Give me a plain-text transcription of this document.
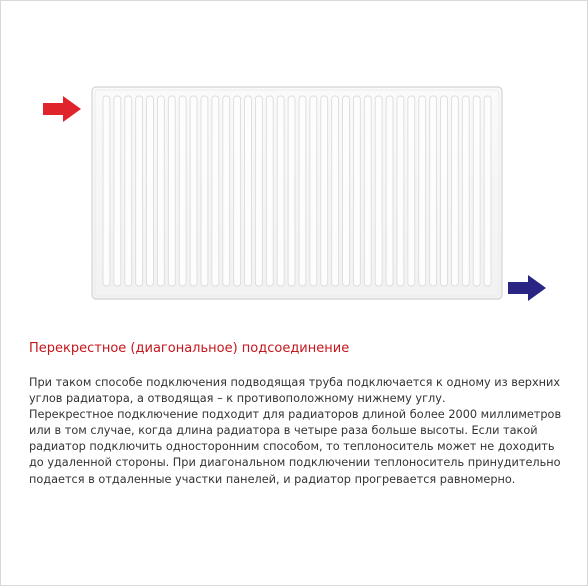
Перекрестное (диагональное) подсоединение

При таком способе подключения подводящая труба подключается к одному из верхних

углов радиатора, а отводящая – к противоположному нижнему углу.

Перекрестное подключение подходит для радиаторов длиной более 2000 миллиметров

или в том случае, когда длина радиатора в четыре раза больше высоты. Если такой

радиатор подключить односторонним способом, то теплоноситель может не доходить

до удаленной стороны. При диагональном подключении теплоноситель принудительно

подается в отдаленные участки панелей, и радиатор прогревается равномерно.
